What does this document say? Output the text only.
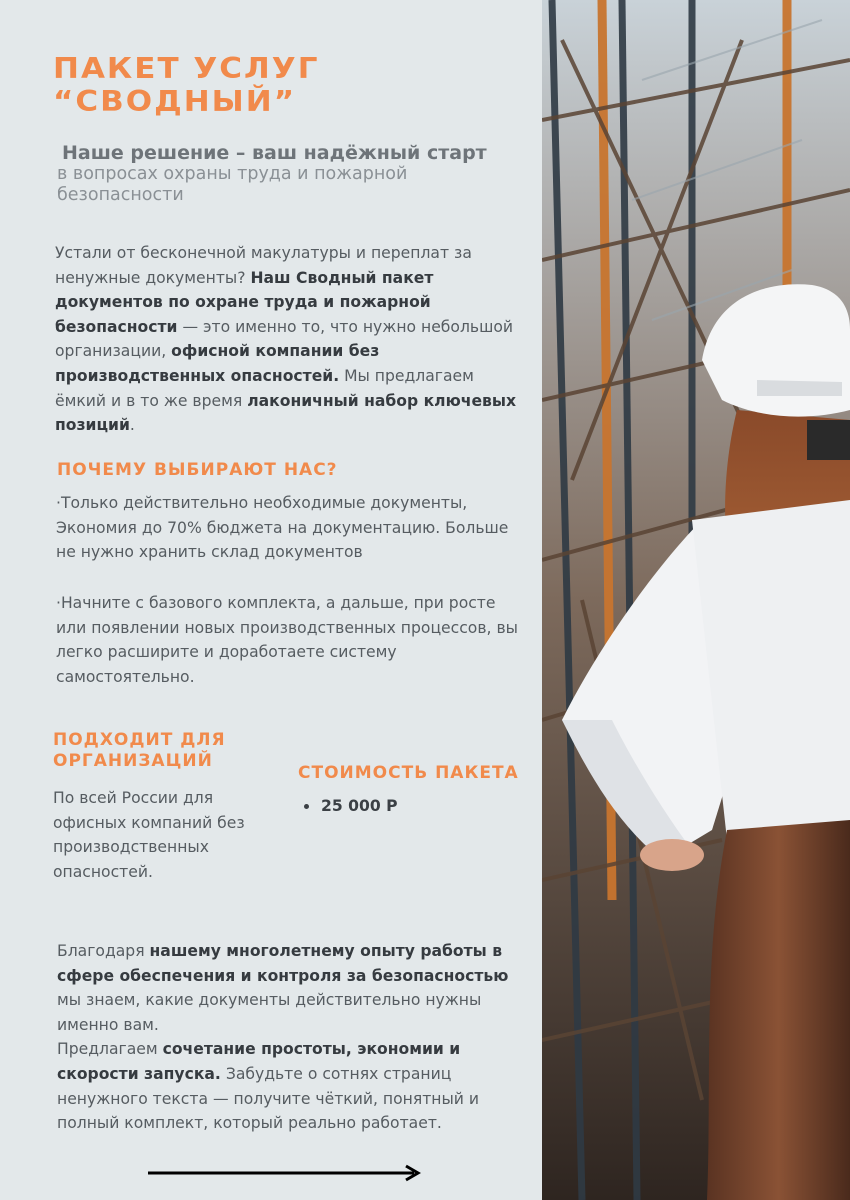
ПАКЕТ УСЛУГ
“СВОДНЫЙ”
Наше решение – ваш надёжный старт
в вопросах охраны труда и пожарной безопасности

Устали от бесконечной макулатуры и переплат за ненужные документы? Наш Сводный пакет документов по охране труда и пожарной безопасности — это именно то, что нужно небольшой организации, офисной компании без производственных опасностей. Мы предлагаем ёмкий и в то же время лаконичный набор ключевых позиций.

ПОЧЕМУ ВЫБИРАЮТ НАС?

·Только действительно необходимые документы, Экономия до 70% бюджета на документацию. Больше не нужно хранить склад документов

·Начните с базового комплекта, а дальше, при росте или появлении новых производственных процессов, вы легко расширите и доработаете систему самостоятельно.

ПОДХОДИТ ДЛЯ ОРГАНИЗАЦИЙ

По всей России для офисных компаний без производственных опасностей.

СТОИМОСТЬ ПАКЕТА
25 000 Р

Благодаря нашему многолетнему опыту работы в сфере обеспечения и контроля за безопасностью мы знаем, какие документы действительно нужны именно вам.
Предлагаем сочетание простоты, экономии и скорости запуска. Забудьте о сотнях страниц ненужного текста — получите чёткий, понятный и полный комплект, который реально работает.
